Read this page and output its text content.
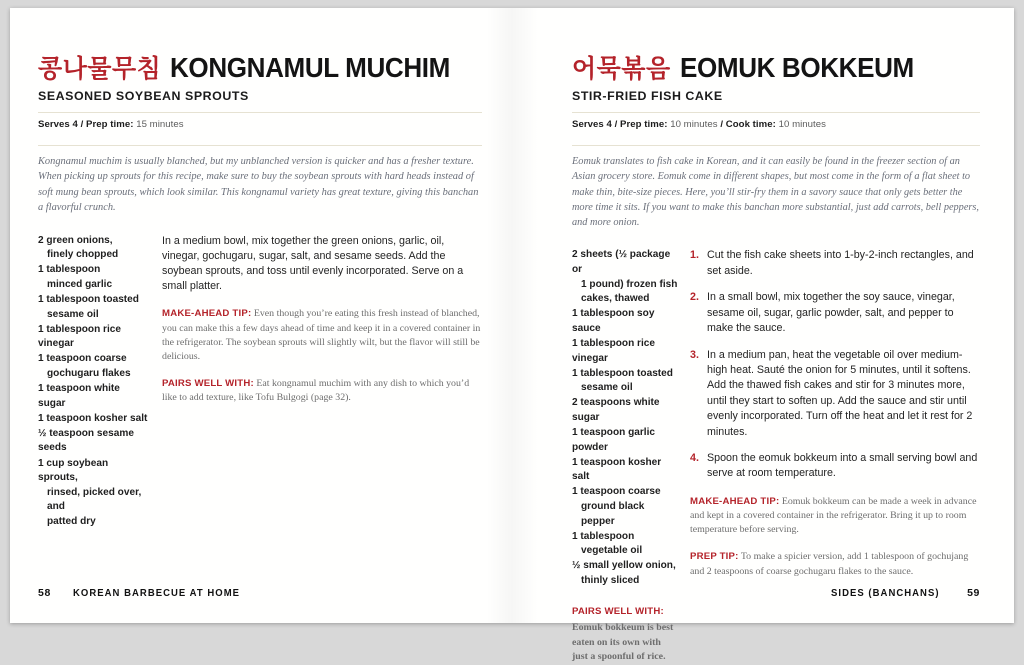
콩나물무침 KONGNAMUL MUCHIM
SEASONED SOYBEAN SPROUTS
Serves 4 / Prep time: 15 minutes
Kongnamul muchim is usually blanched, but my unblanched version is quicker and has a fresher texture. When picking up sprouts for this recipe, make sure to buy the soybean sprouts with hard heads instead of soft mung bean sprouts, which look similar. This kongnamul variety has great texture, giving this banchan a flavorful crunch.
2 green onions,
finely chopped
1 tablespoon
minced garlic
1 tablespoon toasted
sesame oil
1 tablespoon rice vinegar
1 teaspoon coarse
gochugaru flakes
1 teaspoon white sugar
1 teaspoon kosher salt
½ teaspoon sesame seeds
1 cup soybean sprouts,
rinsed, picked over, and
patted dry
In a medium bowl, mix together the green onions, garlic, oil, vinegar, gochugaru, sugar, salt, and sesame seeds. Add the soybean sprouts, and toss until evenly incorporated. Serve on a small platter.
MAKE-AHEAD TIP: Even though you’re eating this fresh instead of blanched, you can make this a few days ahead of time and keep it in a covered container in the refrigerator. The soybean sprouts will slightly wilt, but the flavor will still be delicious.
PAIRS WELL WITH: Eat kongnamul muchim with any dish to which you’d like to add texture, like Tofu Bulgogi (page 32).
58 KOREAN BARBECUE AT HOME
어묵볶음 EOMUK BOKKEUM
STIR-FRIED FISH CAKE
Serves 4 / Prep time: 10 minutes / Cook time: 10 minutes
Eomuk translates to fish cake in Korean, and it can easily be found in the freezer section of an Asian grocery store. Eomuk come in different shapes, but most come in the form of a flat sheet to make thin, bite-size pieces. Here, you’ll stir-fry them in a savory sauce that only gets better the more time it sits. If you want to make this banchan more substantial, just add carrots, bell peppers, and more onion.
2 sheets (½ package or
1 pound) frozen fish
cakes, thawed
1 tablespoon soy sauce
1 tablespoon rice vinegar
1 tablespoon toasted
sesame oil
2 teaspoons white sugar
1 teaspoon garlic powder
1 teaspoon kosher salt
1 teaspoon coarse
ground black pepper
1 tablespoon
vegetable oil
½ small yellow onion,
thinly sliced
PAIRS WELL WITH:
Eomuk bokkeum is best eaten on its own with just a spoonful of rice.
1. Cut the fish cake sheets into 1-by-2-inch rectangles, and set aside.
2. In a small bowl, mix together the soy sauce, vinegar, sesame oil, sugar, garlic powder, salt, and pepper to make the sauce.
3. In a medium pan, heat the vegetable oil over medium-high heat. Sauté the onion for 5 minutes, until it softens. Add the thawed fish cakes and stir for 3 minutes more, until they start to soften up. Add the sauce and stir until evenly incorporated. Turn off the heat and let it rest for 2 minutes.
4. Spoon the eomuk bokkeum into a small serving bowl and serve at room temperature.
MAKE-AHEAD TIP: Eomuk bokkeum can be made a week in advance and kept in a covered container in the refrigerator. Bring it up to room temperature before serving.
PREP TIP: To make a spicier version, add 1 tablespoon of gochujang and 2 teaspoons of coarse gochugaru flakes to the sauce.
SIDES (BANCHANS)	59
